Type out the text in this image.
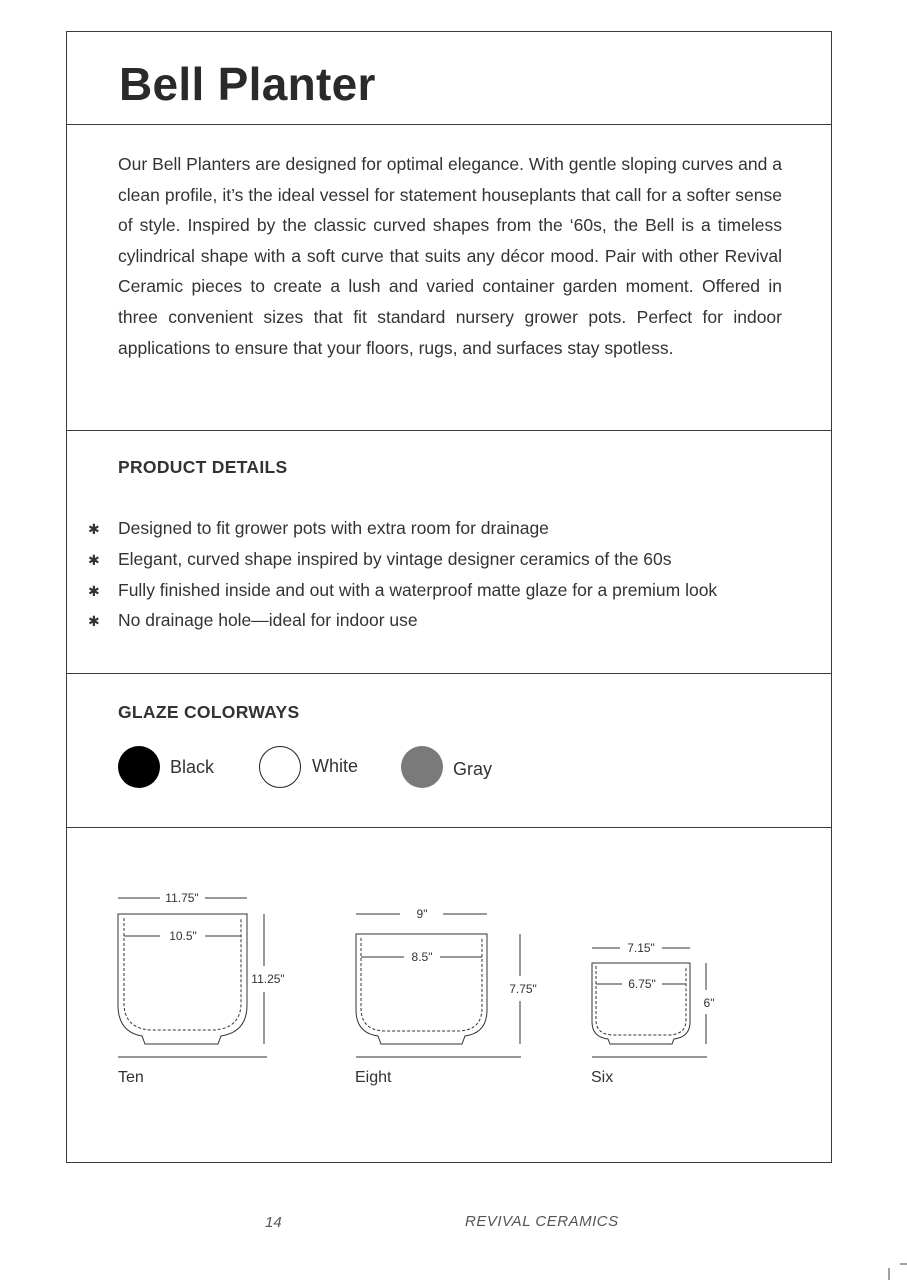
Bell Planter

Our Bell Planters are designed for optimal elegance. With gentle sloping curves and a clean profile, it’s the ideal vessel for statement houseplants that call for a softer sense of style. Inspired by the classic curved shapes from the ‘60s, the Bell is a timeless cylindrical shape with a soft curve that suits any décor mood. Pair with other Revival Ceramic pieces to create a lush and varied container garden moment. Offered in three convenient sizes that fit standard nursery grower pots. Perfect for indoor applications to ensure that your floors, rugs, and surfaces stay spotless.

PRODUCT DETAILS
✱ Designed to fit grower pots with extra room for drainage
✱ Elegant, curved shape inspired by vintage designer ceramics of the 60s
✱ Fully finished inside and out with a waterproof matte glaze for a premium look
✱ No drainage hole—ideal for indoor use
GLAZE COLORWAYS
Black	White	Gray
11.75"
10.5"
11.25"
Ten
9"
8.5"
7.75"
Eight
7.15"
6.75"
6"
Six
14	REVIVAL CERAMICS
